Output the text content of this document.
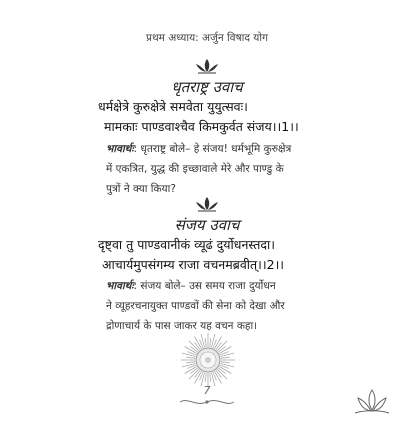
प्रथम अध्याय: अर्जुन विषाद योग
धृतराष्ट्र उवाच
धर्मक्षेत्रे कुरुक्षेत्रे समवेता युयुत्सवः।
मामकाः पाण्डवाश्चैव किमकुर्वत संजय।।1।।
भावार्थः: धृतराष्ट्र बोले– हे संजय! धर्मभूमि कुरुक्षेत्र
में एकत्रित, युद्ध की इच्छावाले मेरे और पाण्डु के
पुत्रों ने क्या किया?
संजय उवाच
दृष्ट्वा तु पाण्डवानीकं व्यूढं दुर्योधनस्तदा।
आचार्यमुपसंगम्य राजा वचनमब्रवीत्।।2।।
भावार्थः: संजय बोले– उस समय राजा दुर्योधन
ने व्यूहरचनायुक्त पाण्डवों की सेना को देखा और
द्रोणाचार्य के पास जाकर यह वचन कहा।
7
